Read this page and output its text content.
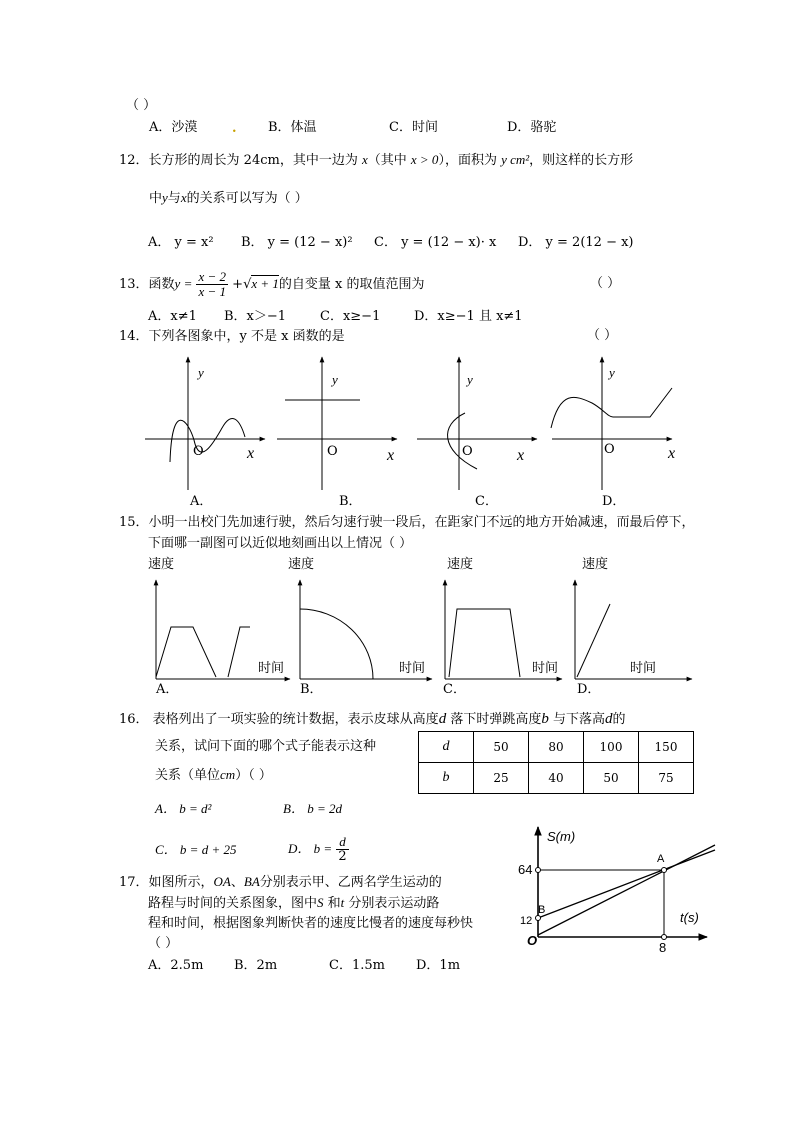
（ ）
A．沙漠	. B．体温	C．时间	D．骆驼
12．长方形的周长为 24cm，其中一边为 x（其中 x > 0），面积为 y cm²，则这样的长方形
中y与x的关系可以写为（ ）
A． y = x² B． y = (12 − x)² C． y = (12 − x)· x D． y = 2(12 − x)
13．函数$y = \frac{x - 2}{x - 1} +√x + 1$的自变量 x 的取值范围为	（ ）
A．x≠1 B．x＞−1	C．x≥−1	D．x≥−1 且 x≠1
14．下列各图象中，y 不是 x 函数的是	（ ）
y
O	x
A．
y
O	x
B．
y
O	x
C．
y
O	x
D．
15．小明一出校门先加速行驶，然后匀速行驶一段后，在距家门不远的地方开始减速，而最后停下，
下面哪一副图可以近似地刻画出以上情况（ ）
速度
时间
A．
速度
时间
B．
速度
时间
C．
速度
时间
D．
16． 表格列出了一项实验的统计数据，表示皮球从高度d 落下时弹跳高度b 与下落高d的
关系，试问下面的哪个式子能表示这种
关系（单位cm）（ ）
d	50	80	100	150
b	25	40	50	75
A． b = d²	B． b = 2d
C． b = d + 25	D． $b = \frac{d}{2}$
17．如图所示，OA、BA分别表示甲、乙两名学生运动的
路程与时间的关系图象，图中S 和t 分别表示运动路
程和时间，根据图象判断快者的速度比慢者的速度每秒快
（ ）
A．2.5m B．2m	C．1.5m D．1m
S(m)
t(s)
A
B
O
64
12
8
